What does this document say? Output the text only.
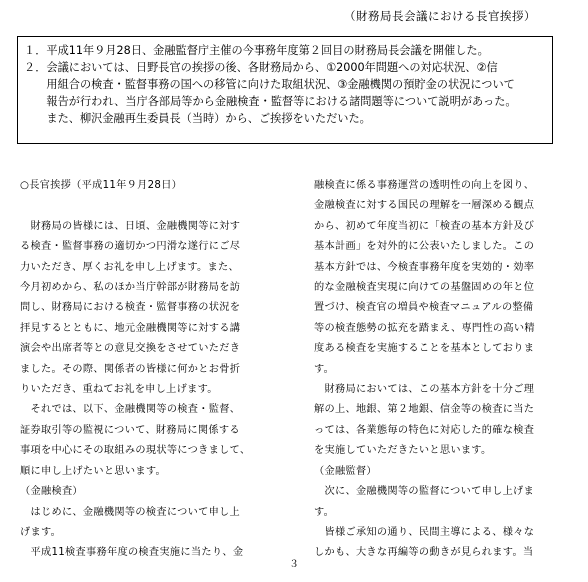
（財務局長会議における長官挨拶）

１．平成11年９月28日、金融監督庁主催の今事務年度第２回目の財務局長会議を開催した。

２．会議においては、日野長官の挨拶の後、各財務局から、①2000年問題への対応状況、②信

　　用組合の検査・監督事務の国への移管に向けた取組状況、③金融機関の預貯金の状況について

　　報告が行われ、当庁各部局等から金融検査・監督等における諸問題等について説明があった。

　　また、柳沢金融再生委員長（当時）から、ご挨拶をいただいた。

○長官挨拶（平成11年９月28日）

　財務局の皆様には、日頃、金融機関等に対す

る検査・監督事務の適切かつ円滑な遂行にご尽

力いただき、厚くお礼を申し上げます。また、

今月初めから、私のほか当庁幹部が財務局を訪

問し、財務局における検査・監督事務の状況を

拝見するとともに、地元金融機関等に対する講

演会や出席者等との意見交換をさせていただき

ました。その際、関係者の皆様に何かとお骨折

りいただき、重ねてお礼を申し上げます。

　それでは、以下、金融機関等の検査・監督、

証券取引等の監視について、財務局に関係する

事項を中心にその取組みの現状等につきまして、

順に申し上げたいと思います。

（金融検査）

　はじめに、金融機関等の検査について申し上

げます。

　平成11検査事務年度の検査実施に当たり、金

融検査に係る事務運営の透明性の向上を図り、

金融検査に対する国民の理解を一層深める観点

から、初めて年度当初に「検査の基本方針及び

基本計画」を対外的に公表いたしました。この

基本方針では、今検査事務年度を実効的・効率

的な金融検査実現に向けての基盤固めの年と位

置づけ、検査官の増員や検査マニュアルの整備

等の検査態勢の拡充を踏まえ、専門性の高い精

度ある検査を実施することを基本としておりま

す。

　財務局においては、この基本方針を十分ご理

解の上、地銀、第２地銀、信金等の検査に当た

っては、各業態毎の特色に対応した的確な検査

を実施していただきたいと思います。

（金融監督）

　次に、金融機関等の監督について申し上げま

す。

　皆様ご承知の通り、民間主導による、様々な

しかも、大きな再編等の動きが見られます。当

３
